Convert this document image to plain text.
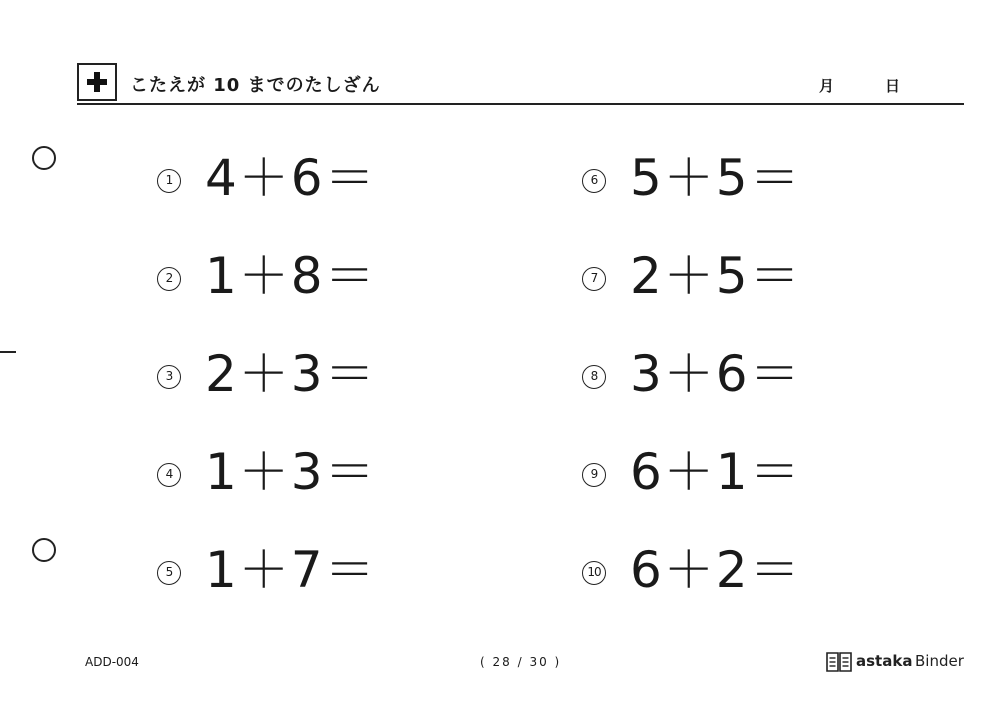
こたえが 10 までのたしざん	月	日
1 4＋6＝
2 1＋8＝
3 2＋3＝
4 1＋3＝
5 1＋7＝
6 5＋5＝
7 2＋5＝
8 3＋6＝
9 6＋1＝
10 6＋2＝
ADD-004	( 28 / 30 )	astaka Binder
